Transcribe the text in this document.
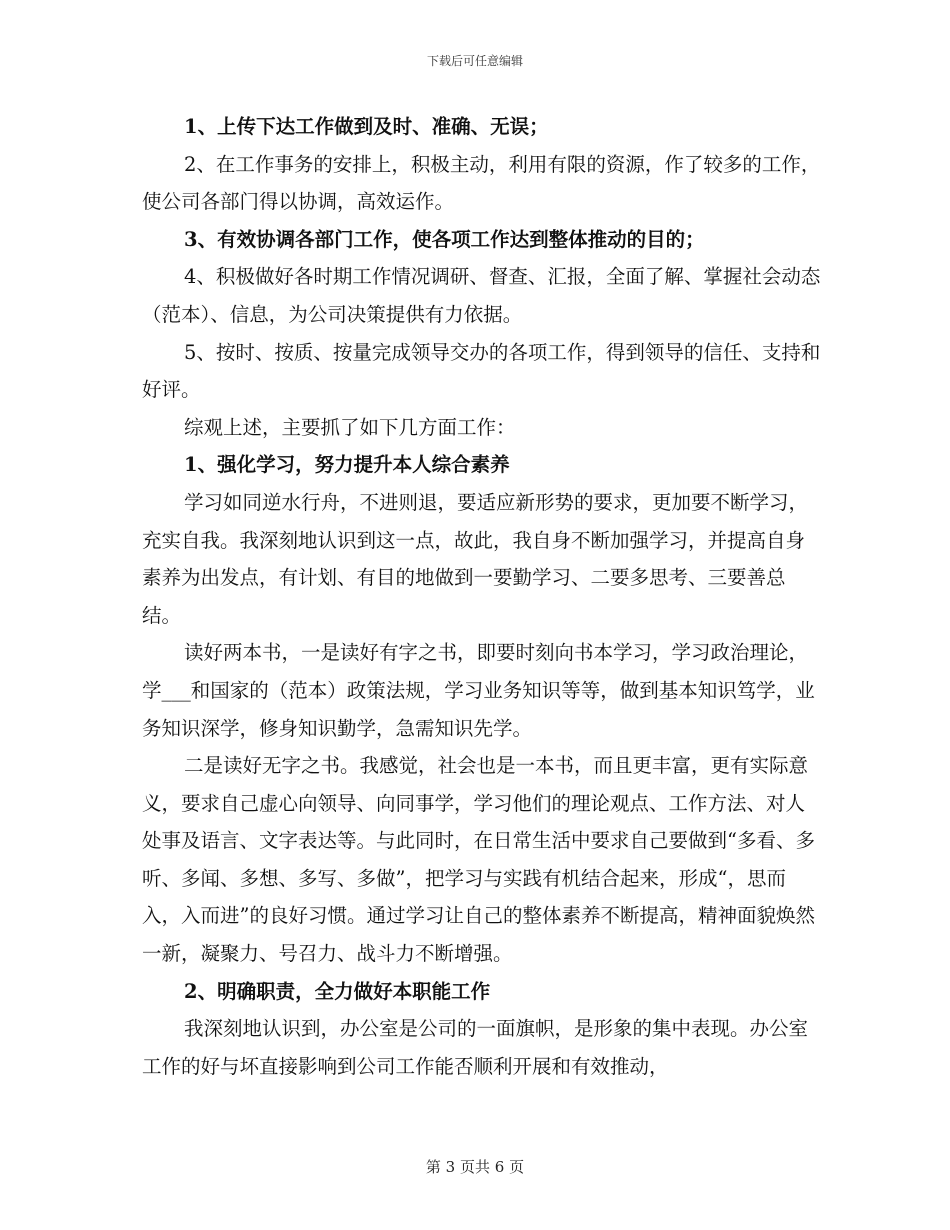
下载后可任意编辑

1、上传下达工作做到及时、准确、无误；

2、在工作事务的安排上，积极主动，利用有限的资源，作了较多的工作，使公司各部门得以协调，高效运作。

3、有效协调各部门工作，使各项工作达到整体推动的目的；

4、积极做好各时期工作情况调研、督查、汇报，全面了解、掌握社会动态（范本）、信息，为公司决策提供有力依据。

5、按时、按质、按量完成领导交办的各项工作，得到领导的信任、支持和好评。

综观上述，主要抓了如下几方面工作：

1、强化学习，努力提升本人综合素养

学习如同逆水行舟，不进则退，要适应新形势的要求，更加要不断学习，充实自我。我深刻地认识到这一点，故此，我自身不断加强学习，并提高自身素养为出发点，有计划、有目的地做到一要勤学习、二要多思考、三要善总结。

读好两本书，一是读好有字之书，即要时刻向书本学习，学习政治理论，学___和国家的（范本）政策法规，学习业务知识等等，做到基本知识笃学，业务知识深学，修身知识勤学，急需知识先学。

二是读好无字之书。我感觉，社会也是一本书，而且更丰富，更有实际意义，要求自己虚心向领导、向同事学，学习他们的理论观点、工作方法、对人处事及语言、文字表达等。与此同时，在日常生活中要求自己要做到“多看、多听、多闻、多想、多写、多做”，把学习与实践有机结合起来，形成“，思而入，入而进”的良好习惯。通过学习让自己的整体素养不断提高，精神面貌焕然一新，凝聚力、号召力、战斗力不断增强。

2、明确职责，全力做好本职能工作

我深刻地认识到，办公室是公司的一面旗帜，是形象的集中表现。办公室工作的好与坏直接影响到公司工作能否顺利开展和有效推动，

第 3 页共 6 页
